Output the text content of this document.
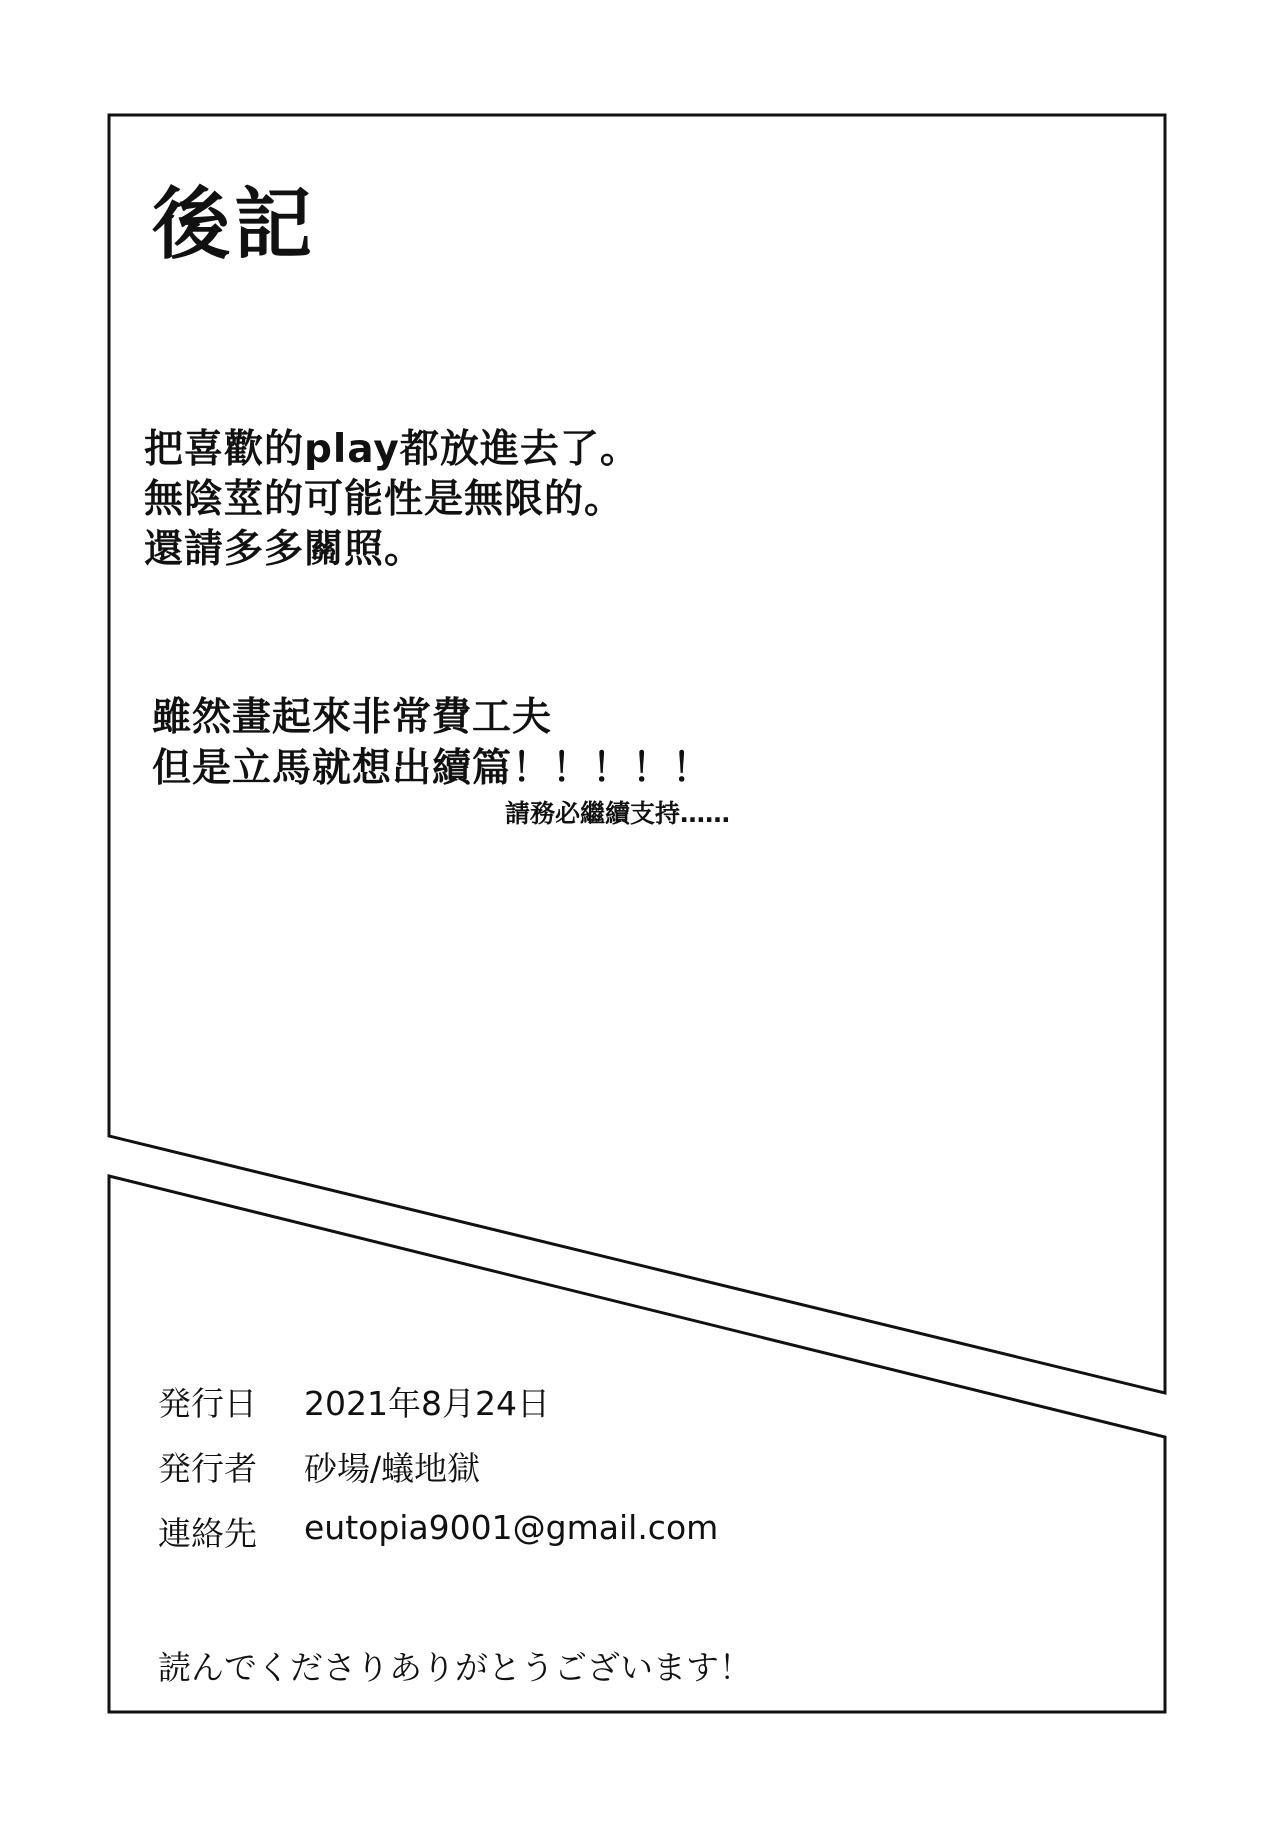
後記
把喜歡的play都放進去了。
無陰莖的可能性是無限的。
還請多多關照。
雖然畫起來非常費工夫
但是立馬就想出續篇！！！！！
請務必繼續支持……
発行日 2021年8月24日
発行者 砂場/蟻地獄
連絡先 eutopia9001@gmail.com
読んでくださりありがとうございます！
